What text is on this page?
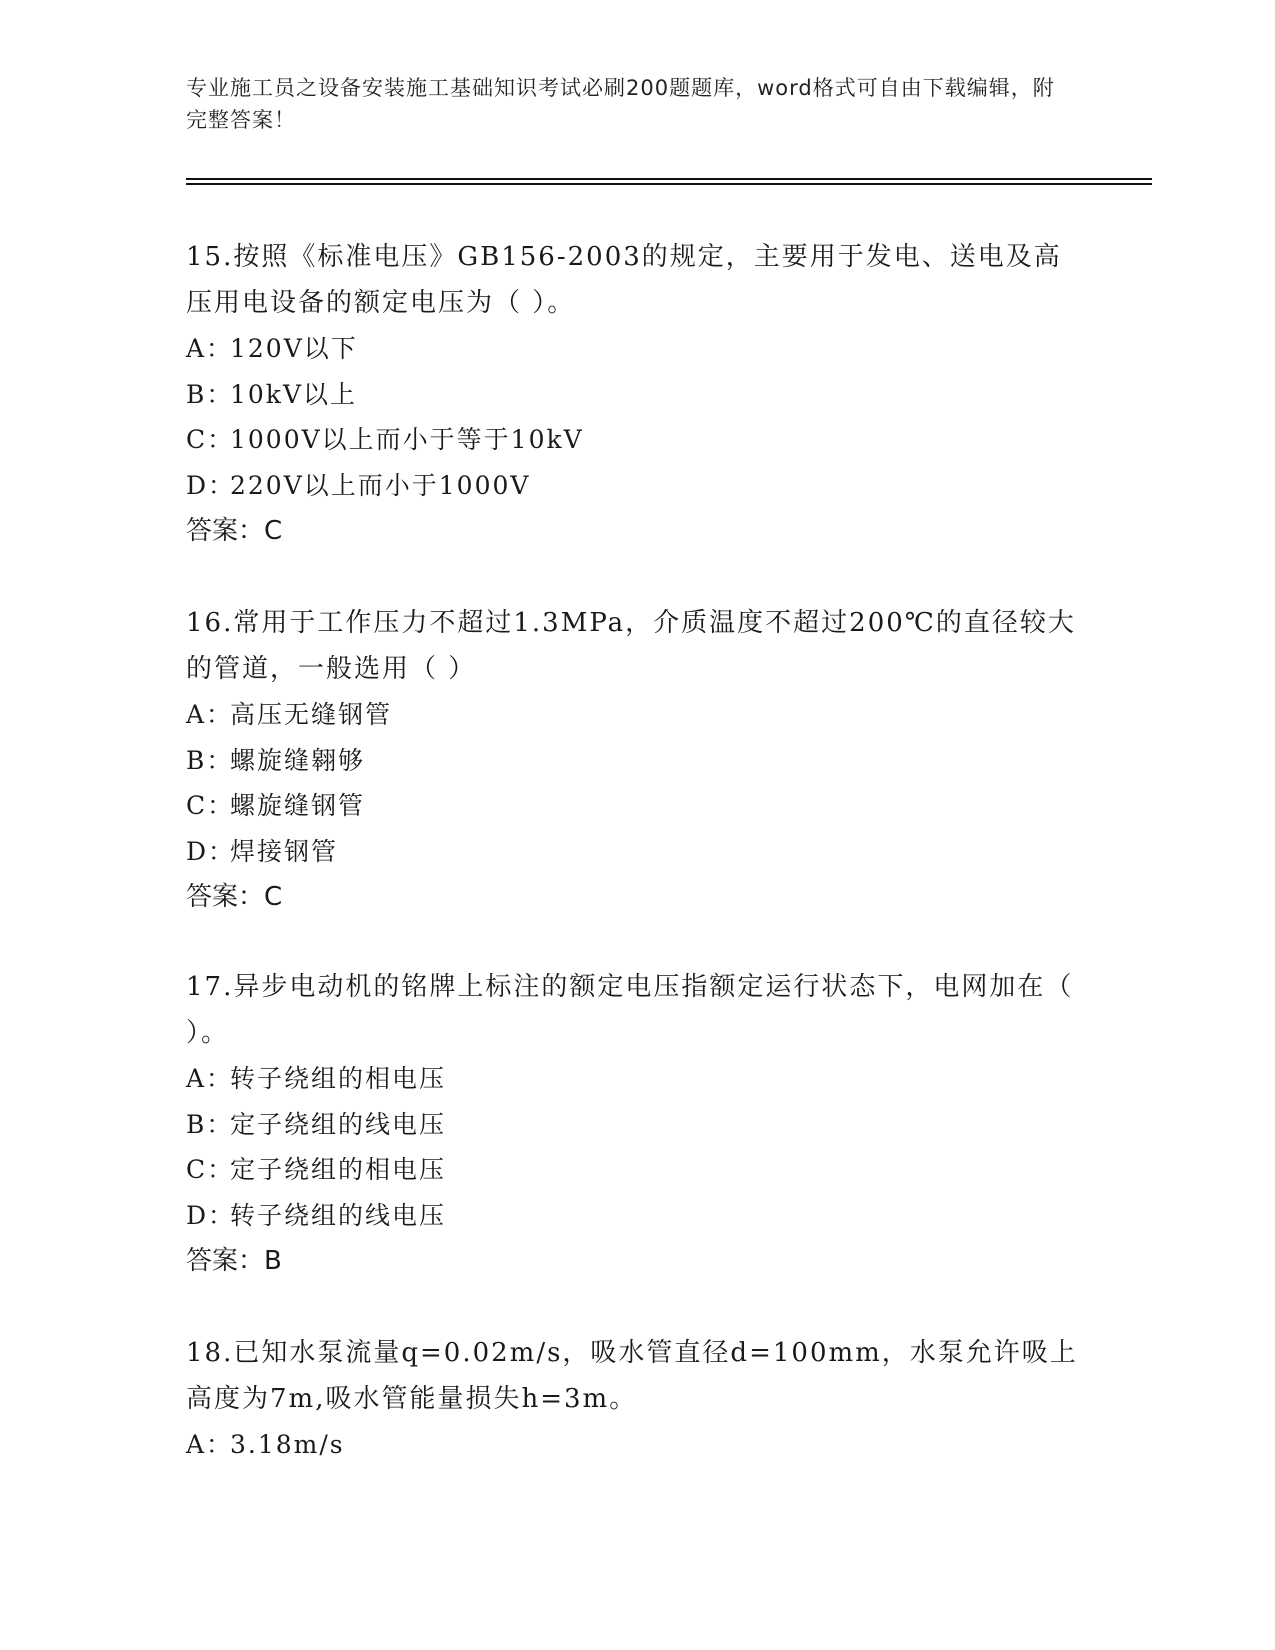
专业施工员之设备安装施工基础知识考试必刷200题题库，word格式可自由下载编辑，附完整答案！

15.按照《标准电压》GB156-2003的规定，主要用于发电、送电及高压用电设备的额定电压为（ ）。

A：120V以下

B：10kV以上

C：1000V以上而小于等于10kV

D：220V以上而小于1000V

答案：C

16.常用于工作压力不超过1.3MPa，介质温度不超过200℃的直径较大的管道，一般选用（ ）

A：高压无缝钢管

B：螺旋缝翱够

C：螺旋缝钢管

D：焊接钢管

答案：C

17.异步电动机的铭牌上标注的额定电压指额定运行状态下，电网加在（ ）。

A：转子绕组的相电压

B：定子绕组的线电压

C：定子绕组的相电压

D：转子绕组的线电压

答案：B

18.已知水泵流量q=0.02m/s，吸水管直径d=100mm，水泵允许吸上高度为7m,吸水管能量损失h=3m。

A：3.18m/s
